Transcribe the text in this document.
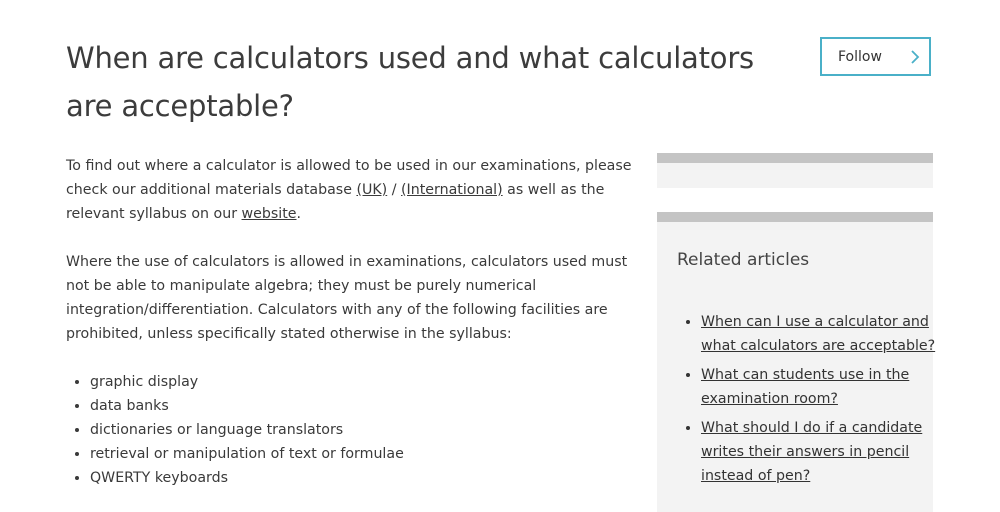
When are calculators used and what calculators are acceptable?
Follow

To find out where a calculator is allowed to be used in our examinations, please check our additional materials database (UK) / (International) as well as the relevant syllabus on our website.

Where the use of calculators is allowed in examinations, calculators used must not be able to manipulate algebra; they must be purely numerical integration/differentiation. Calculators with any of the following facilities are prohibited, unless specifically stated otherwise in the syllabus:

• graphic display
• data banks
• dictionaries or language translators
• retrieval or manipulation of text or formulae
• QWERTY keyboards
Related articles
• When can I use a calculator and what calculators are acceptable?
• What can students use in the examination room?
• What should I do if a candidate writes their answers in pencil instead of pen?
